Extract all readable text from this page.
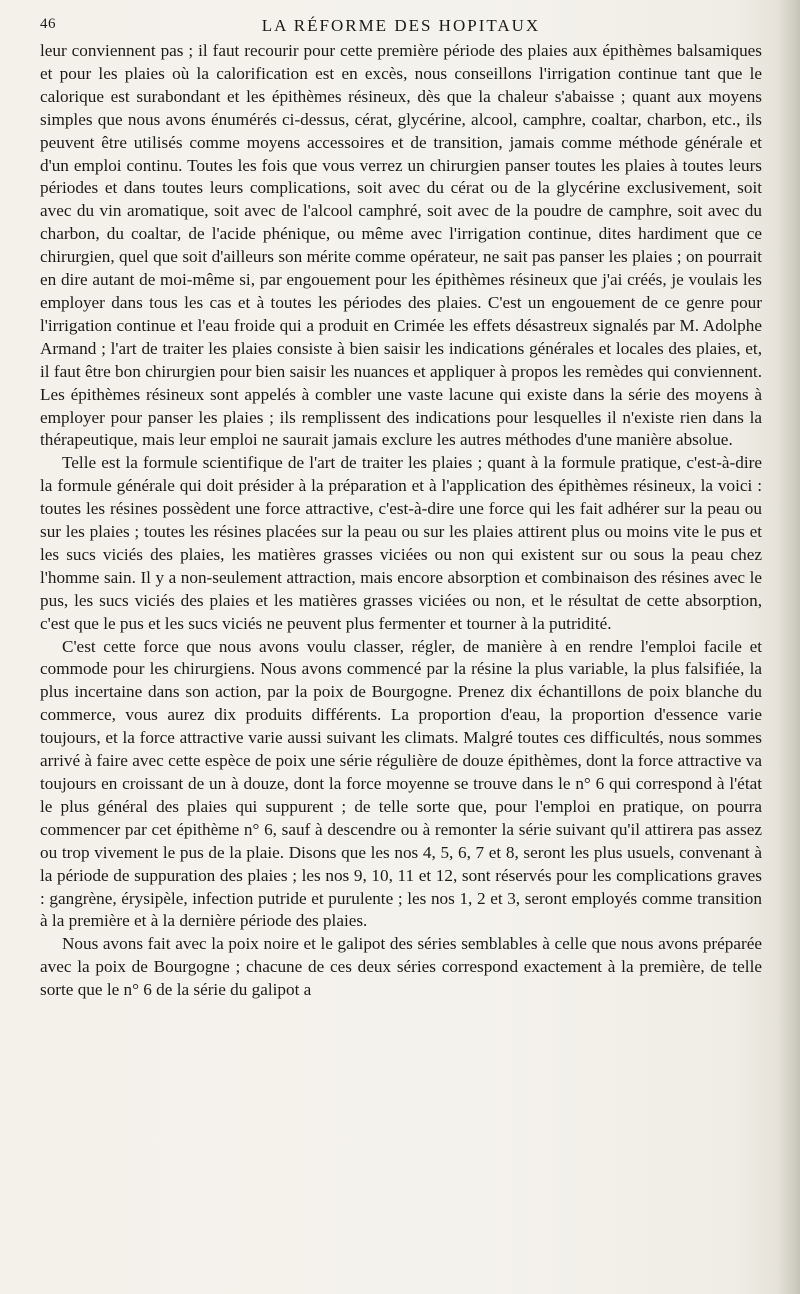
46	LA RÉFORME DES HOPITAUX

leur conviennent pas ; il faut recourir pour cette première période des plaies aux épithèmes balsamiques et pour les plaies où la calorification est en excès, nous conseillons l'irrigation continue tant que le calorique est surabondant et les épithèmes résineux, dès que la chaleur s'abaisse ; quant aux moyens simples que nous avons énumérés ci-dessus, cérat, glycérine, alcool, camphre, coaltar, charbon, etc., ils peuvent être utilisés comme moyens accessoires et de transition, jamais comme méthode générale et d'un emploi continu. Toutes les fois que vous verrez un chirurgien panser toutes les plaies à toutes leurs périodes et dans toutes leurs complications, soit avec du cérat ou de la glycérine exclusivement, soit avec du vin aromatique, soit avec de l'alcool camphré, soit avec de la poudre de camphre, soit avec du charbon, du coaltar, de l'acide phénique, ou même avec l'irrigation continue, dites hardiment que ce chirurgien, quel que soit d'ailleurs son mérite comme opérateur, ne sait pas panser les plaies ; on pourrait en dire autant de moi-même si, par engouement pour les épithèmes résineux que j'ai créés, je voulais les employer dans tous les cas et à toutes les périodes des plaies. C'est un engouement de ce genre pour l'irrigation continue et l'eau froide qui a produit en Crimée les effets désastreux signalés par M. Adolphe Armand ; l'art de traiter les plaies consiste à bien saisir les indications générales et locales des plaies, et, il faut être bon chirurgien pour bien saisir les nuances et appliquer à propos les remèdes qui conviennent. Les épithèmes résineux sont appelés à combler une vaste lacune qui existe dans la série des moyens à employer pour panser les plaies ; ils remplissent des indications pour lesquelles il n'existe rien dans la thérapeutique, mais leur emploi ne saurait jamais exclure les autres méthodes d'une manière absolue.

Telle est la formule scientifique de l'art de traiter les plaies ; quant à la formule pratique, c'est-à-dire la formule générale qui doit présider à la préparation et à l'application des épithèmes résineux, la voici : toutes les résines possèdent une force attractive, c'est-à-dire une force qui les fait adhérer sur la peau ou sur les plaies ; toutes les résines placées sur la peau ou sur les plaies attirent plus ou moins vite le pus et les sucs viciés des plaies, les matières grasses viciées ou non qui existent sur ou sous la peau chez l'homme sain. Il y a non-seulement attraction, mais encore absorption et combinaison des résines avec le pus, les sucs viciés des plaies et les matières grasses viciées ou non, et le résultat de cette absorption, c'est que le pus et les sucs viciés ne peuvent plus fermenter et tourner à la putridité.

C'est cette force que nous avons voulu classer, régler, de manière à en rendre l'emploi facile et commode pour les chirurgiens. Nous avons commencé par la résine la plus variable, la plus falsifiée, la plus incertaine dans son action, par la poix de Bourgogne. Prenez dix échantillons de poix blanche du commerce, vous aurez dix produits différents. La proportion d'eau, la proportion d'essence varie toujours, et la force attractive varie aussi suivant les climats. Malgré toutes ces difficultés, nous sommes arrivé à faire avec cette espèce de poix une série régulière de douze épithèmes, dont la force attractive va toujours en croissant de un à douze, dont la force moyenne se trouve dans le n° 6 qui correspond à l'état le plus général des plaies qui suppurent ; de telle sorte que, pour l'emploi en pratique, on pourra commencer par cet épithème n° 6, sauf à descendre ou à remonter la série suivant qu'il attirera pas assez ou trop vivement le pus de la plaie. Disons que les nos 4, 5, 6, 7 et 8, seront les plus usuels, convenant à la période de suppuration des plaies ; les nos 9, 10, 11 et 12, sont réservés pour les complications graves : gangrène, érysipèle, infection putride et purulente ; les nos 1, 2 et 3, seront employés comme transition à la première et à la dernière période des plaies.

Nous avons fait avec la poix noire et le galipot des séries semblables à celle que nous avons préparée avec la poix de Bourgogne ; chacune de ces deux séries correspond exactement à la première, de telle sorte que le n° 6 de la série du galipot a
